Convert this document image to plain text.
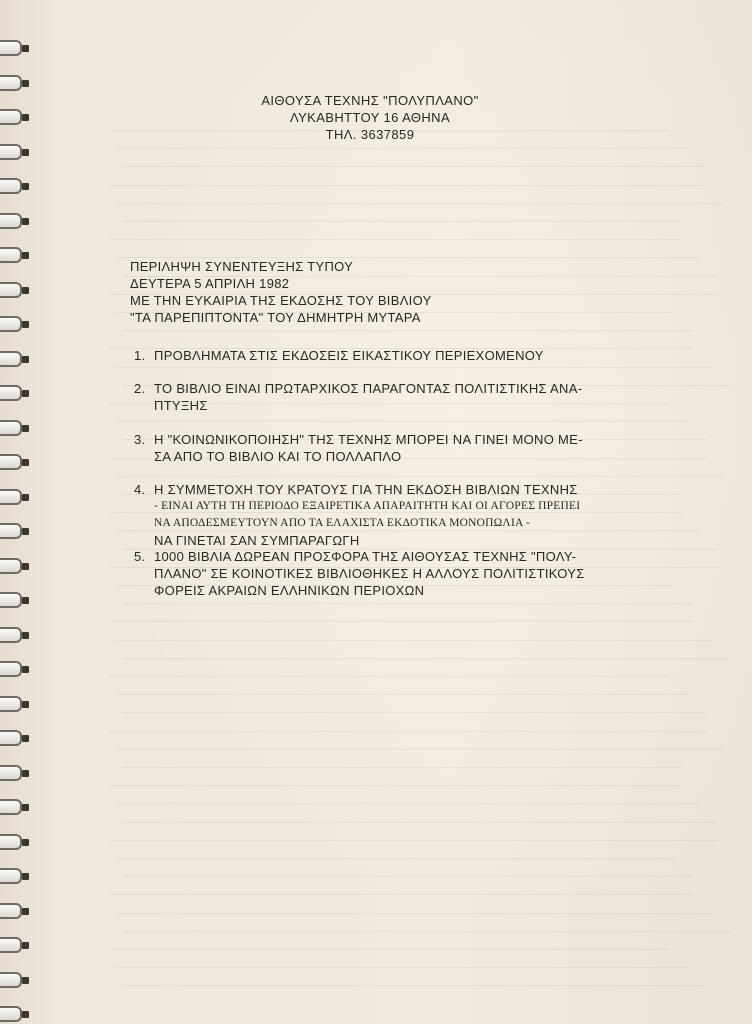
ΑΙΘΟΥΣΑ ΤΕΧΝΗΣ "ΠΟΛΥΠΛΑΝΟ"
ΛΥΚΑΒΗΤΤΟΥ 16 ΑΘΗΝΑ
ΤΗΛ. 3637859
ΠΕΡΙΛΗΨΗ ΣΥΝΕΝΤΕΥΞΗΣ ΤΥΠΟΥ
ΔΕΥΤΕΡΑ 5 ΑΠΡΙΛΗ 1982
ΜΕ ΤΗΝ ΕΥΚΑΙΡΙΑ ΤΗΣ ΕΚΔΟΣΗΣ ΤΟΥ ΒΙΒΛΙΟΥ
"ΤΑ ΠΑΡΕΠΙΠΤΟΝΤΑ" ΤΟΥ ΔΗΜΗΤΡΗ ΜΥΤΑΡΑ
1. ΠΡΟΒΛΗΜΑΤΑ ΣΤΙΣ ΕΚΔΟΣΕΙΣ ΕΙΚΑΣΤΙΚΟΥ ΠΕΡΙΕΧΟΜΕΝΟΥ
2. ΤΟ ΒΙΒΛΙΟ ΕΙΝΑΙ ΠΡΩΤΑΡΧΙΚΟΣ ΠΑΡΑΓΟΝΤΑΣ ΠΟΛΙΤΙΣΤΙΚΗΣ ΑΝΑ-
ΠΤΥΞΗΣ
3. Η "ΚΟΙΝΩΝΙΚΟΠΟΙΗΣΗ" ΤΗΣ ΤΕΧΝΗΣ ΜΠΟΡΕΙ ΝΑ ΓΙΝΕΙ ΜΟΝΟ ΜΕ-
ΣΑ ΑΠΟ ΤΟ ΒΙΒΛΙΟ ΚΑΙ ΤΟ ΠΟΛΛΑΠΛΟ
4. Η ΣΥΜΜΕΤΟΧΗ ΤΟΥ ΚΡΑΤΟΥΣ ΓΙΑ ΤΗΝ ΕΚΔΟΣΗ ΒΙΒΛΙΩΝ ΤΕΧΝΗΣ
- ΕΙΝΑΙ ΑΥΤΗ ΤΗ ΠΕΡΙΟΔΟ ΕΞΑΙΡΕΤΙΚΑ ΑΠΑΡΑΙΤΗΤΗ ΚΑΙ ΟΙ ΑΓΟΡΕΣ ΠΡΕΠΕΙ
ΝΑ ΑΠΟΔΕΣΜΕΥΤΟΥΝ ΑΠΟ ΤΑ ΕΛΑΧΙΣΤΑ ΕΚΔΟΤΙΚΑ ΜΟΝΟΠΩΛΙΑ -
ΝΑ ΓΙΝΕΤΑΙ ΣΑΝ ΣΥΜΠΑΡΑΓΩΓΗ
5. 1000 ΒΙΒΛΙΑ ΔΩΡΕΑΝ ΠΡΟΣΦΟΡΑ ΤΗΣ ΑΙΘΟΥΣΑΣ ΤΕΧΝΗΣ "ΠΟΛΥ-
ΠΛΑΝΟ" ΣΕ ΚΟΙΝΟΤΙΚΕΣ ΒΙΒΛΙΟΘΗΚΕΣ Η ΑΛΛΟΥΣ ΠΟΛΙΤΙΣΤΙΚΟΥΣ
ΦΟΡΕΙΣ ΑΚΡΑΙΩΝ ΕΛΛΗΝΙΚΩΝ ΠΕΡΙΟΧΩΝ
